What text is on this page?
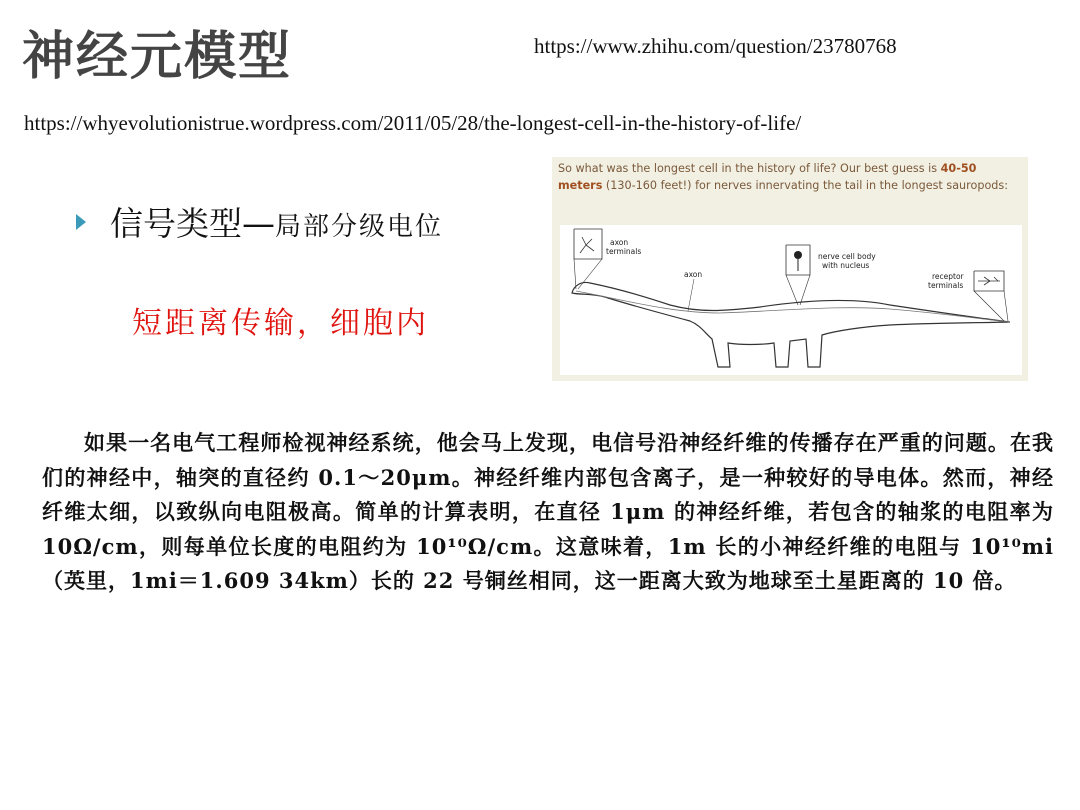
神经元模型	https://www.zhihu.com/question/23780768
https://whyevolutionistrue.wordpress.com/2011/05/28/the-longest-cell-in-the-history-of-life/
信号类型— 局部分级电位
短距离传输，细胞内
So what was the longest cell in the history of life? Our best guess is 40-50 meters (130-160 feet!) for nerves innervating the tail in the longest sauropods:
axon
terminals
axon
nerve cell body
with nucleus
receptor
terminals

如果一名电气工程师检视神经系统，他会马上发现，电信号沿神经纤维的传播存在严重的问题。在我们的神经中，轴突的直径约 0.1～20μm。神经纤维内部包含离子，是一种较好的导电体。然而，神经纤维太细，以致纵向电阻极高。简单的计算表明，在直径 1μm 的神经纤维，若包含的轴浆的电阻率为 10Ω/cm，则每单位长度的电阻约为 10¹⁰Ω/cm。这意味着，1m 长的小神经纤维的电阻与 10¹⁰mi（英里，1mi＝1.609 34km）长的 22 号铜丝相同，这一距离大致为地球至土星距离的 10 倍。
